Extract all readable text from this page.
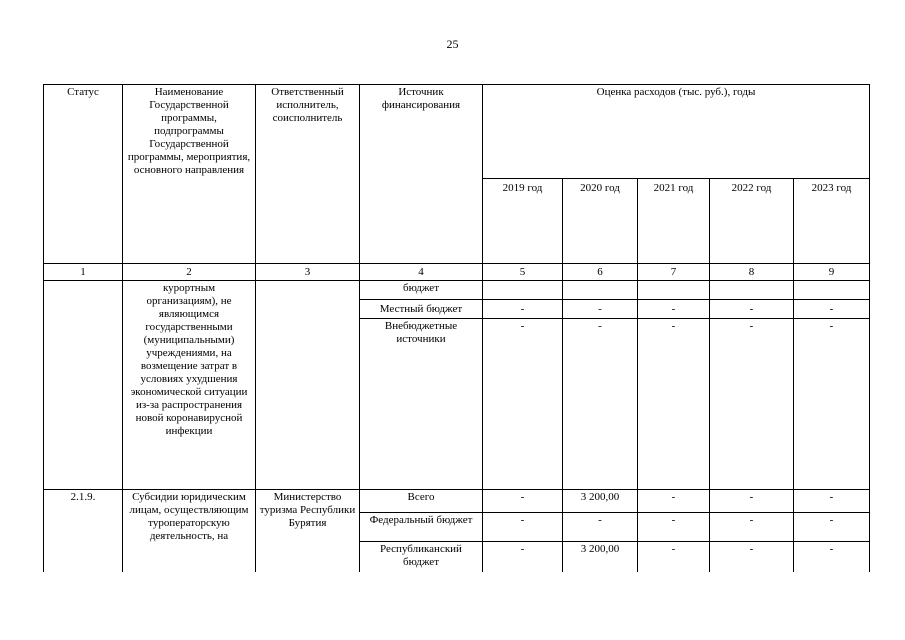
25
Статус	Наименование Государственной программы, подпрограммы Государственной программы, мероприятия, основного направления	Ответственный исполнитель, соисполнитель	Источник финансирования	Оценка расходов (тыс. руб.), годы				
				2019 год	2020 год	2021 год	2022 год	2023 год
1	2	3	4	5	6	7	8	9
	курортным организациям), не являющимся государственными (муниципальными) учреждениями, на возмещение затрат в условиях ухудшения экономической ситуации из-за распространения новой коронавирусной инфекции		бюджет					
			Местный бюджет	-	-	-	-	-
			Внебюджетные источники	-	-	-	-	-
2.1.9.	Субсидии юридическим лицам, осуществляющим туроператорскую деятельность, на	Министерство туризма Республики Бурятия	Всего	-	3 200,00	-	-	-
			Федеральный бюджет	-	-	-	-	-
			Республиканский бюджет	-	3 200,00	-	-	-
